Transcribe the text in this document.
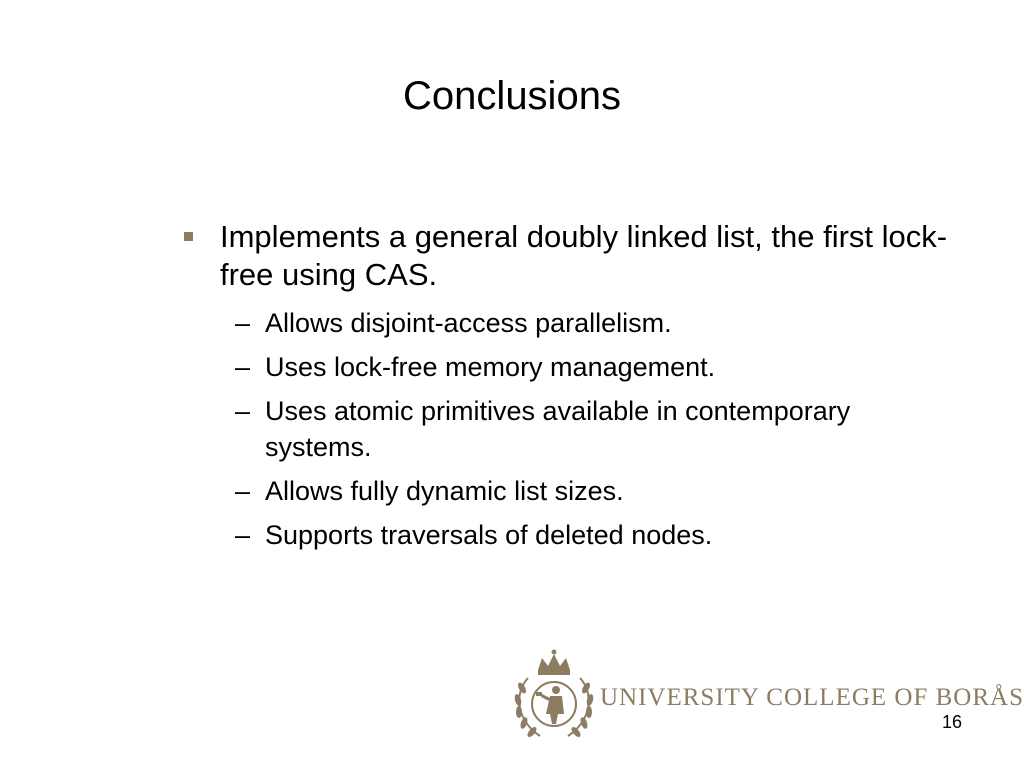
Conclusions
Implements a general doubly linked list, the first lock-free using CAS.
– Allows disjoint-access parallelism.
– Uses lock-free memory management.
– Uses atomic primitives available in contemporary systems.
– Allows fully dynamic list sizes.
– Supports traversals of deleted nodes.
UNIVERSITY COLLEGE OF BORÅS
16
